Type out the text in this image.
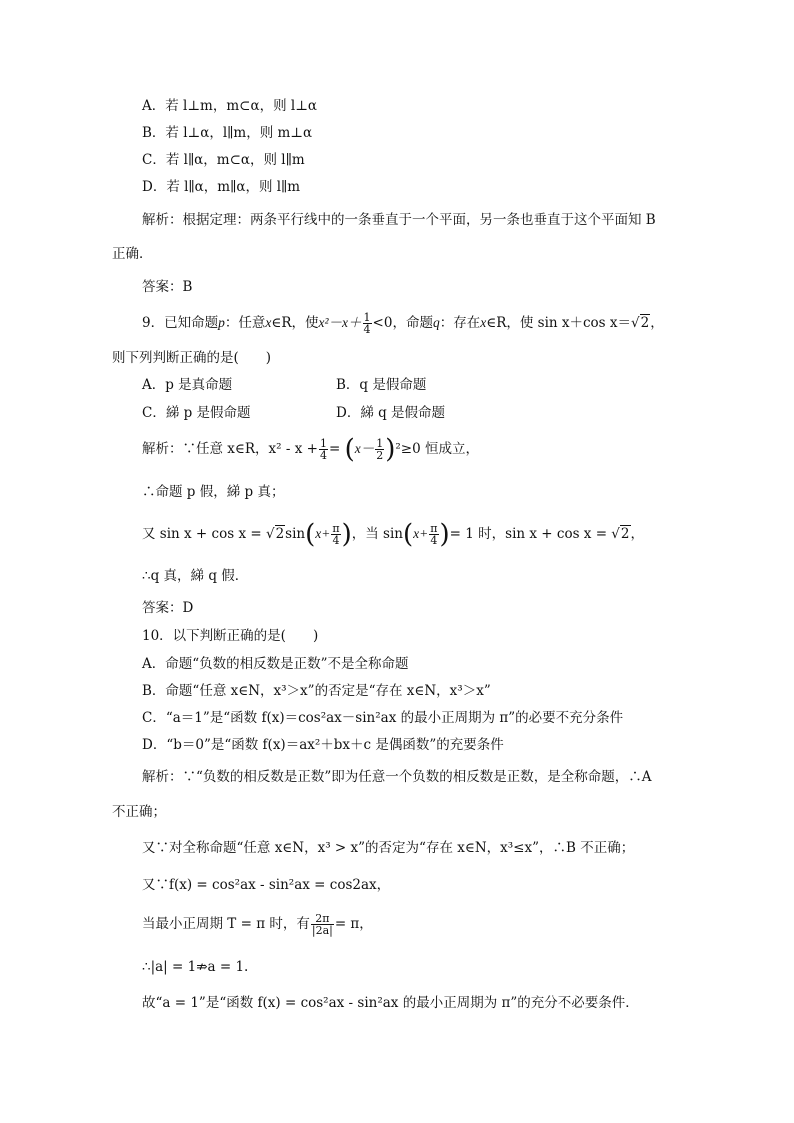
A．若 l⊥m，m⊂α，则 l⊥α
B．若 l⊥α，l∥m，则 m⊥α
C．若 l∥α，m⊂α，则 l∥m
D．若 l∥α，m∥α，则 l∥m
解析：根据定理：两条平行线中的一条垂直于一个平面，另一条也垂直于这个平面知 B
正确．
答案：B
9．已知命题p：任意x∈R，使$x^2-x+ \frac{1}{4} <0$，命题q：存在x∈R，使 sin x＋cos x＝√2，
则下列判断正确的是(　　)
A．p 是真命题	B．q 是假命题
C．綈 p 是假命题	D．綈 q 是假命题
解析：∵任意 x∈R，$x^2 - x + \frac{1}{4} = (x- \frac{1}{2} )^2\ge 0$ 恒成立，
∴命题 p 假，綈 p 真；
又 $\sin x + \cos x = √2\sin(x+ \frac{\pi}{4}$ )，当 $\sin(x+ \frac{\pi}{4}$ )= 1 时，sin x + cos x = √2，
∴q 真，綈 q 假．
答案：D
10．以下判断正确的是(　　)
A．命题“负数的相反数是正数”不是全称命题
B．命题“任意 x∈N，x³＞x”的否定是“存在 x∈N，x³＞x”
C．“a＝1”是“函数 f(x)＝cos²ax－sin²ax 的最小正周期为 π”的必要不充分条件
D．“b＝0”是“函数 f(x)＝ax²＋bx＋c 是偶函数”的充要条件
解析：∵“负数的相反数是正数”即为任意一个负数的相反数是正数，是全称命题，∴A
不正确；
又∵对全称命题“任意 x∈N，x³ > x”的否定为“存在 x∈N，x³≤x”，∴B 不正确；
又∵f(x) = cos²ax - sin²ax = cos2ax，
当最小正周期 T = π 时，有 $\frac{2\pi}{|2a|} = \pi$，
∴|a| = 1⇏a = 1.
故“a = 1”是“函数 f(x) = cos²ax - sin²ax 的最小正周期为 π”的充分不必要条件．
